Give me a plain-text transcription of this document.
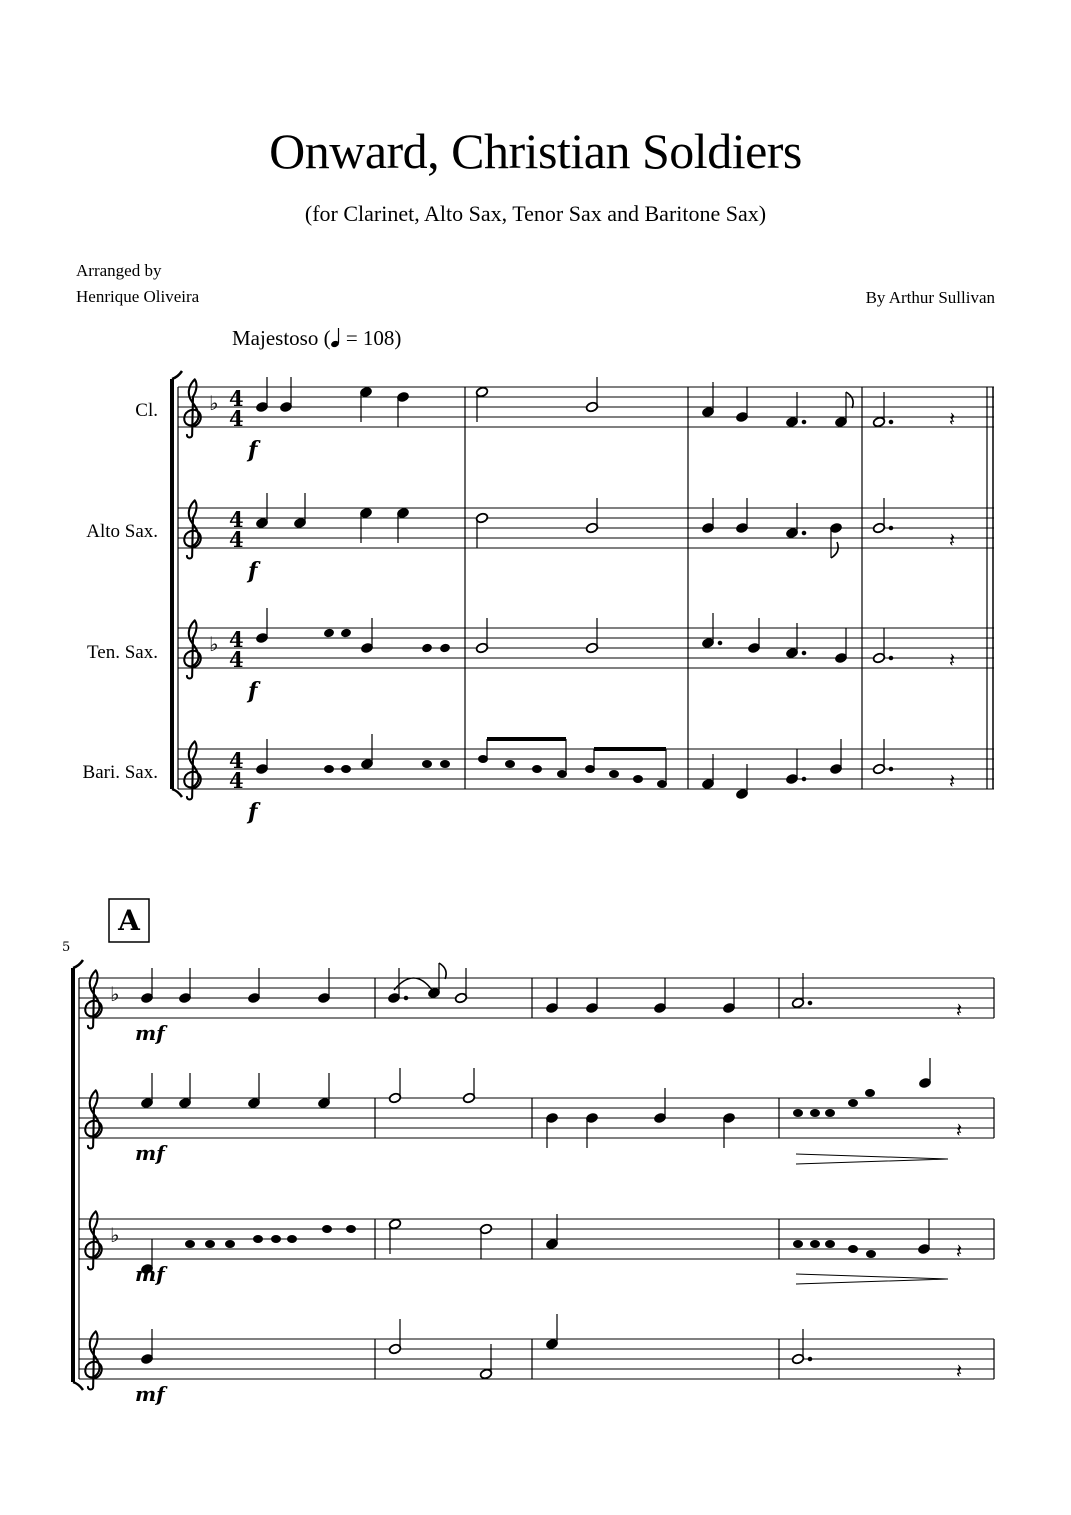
Onward, Christian Soldiers
(for Clarinet, Alto Sax, Tenor Sax and Baritone Sax)
Arranged by
Henrique Oliveira	By Arthur Sullivan
Majestoso ( = 108)
Cl.
Alto Sax.
Ten. Sax.
Bari. Sax.
♭
♭
4
4
4
4
4
4
4
4
𝄽
𝄽
𝄽
𝄽
♭
♭
𝄽
𝄽
𝄽
𝄽
f
f
f
f
mf
mf
mf
mf
A
5
